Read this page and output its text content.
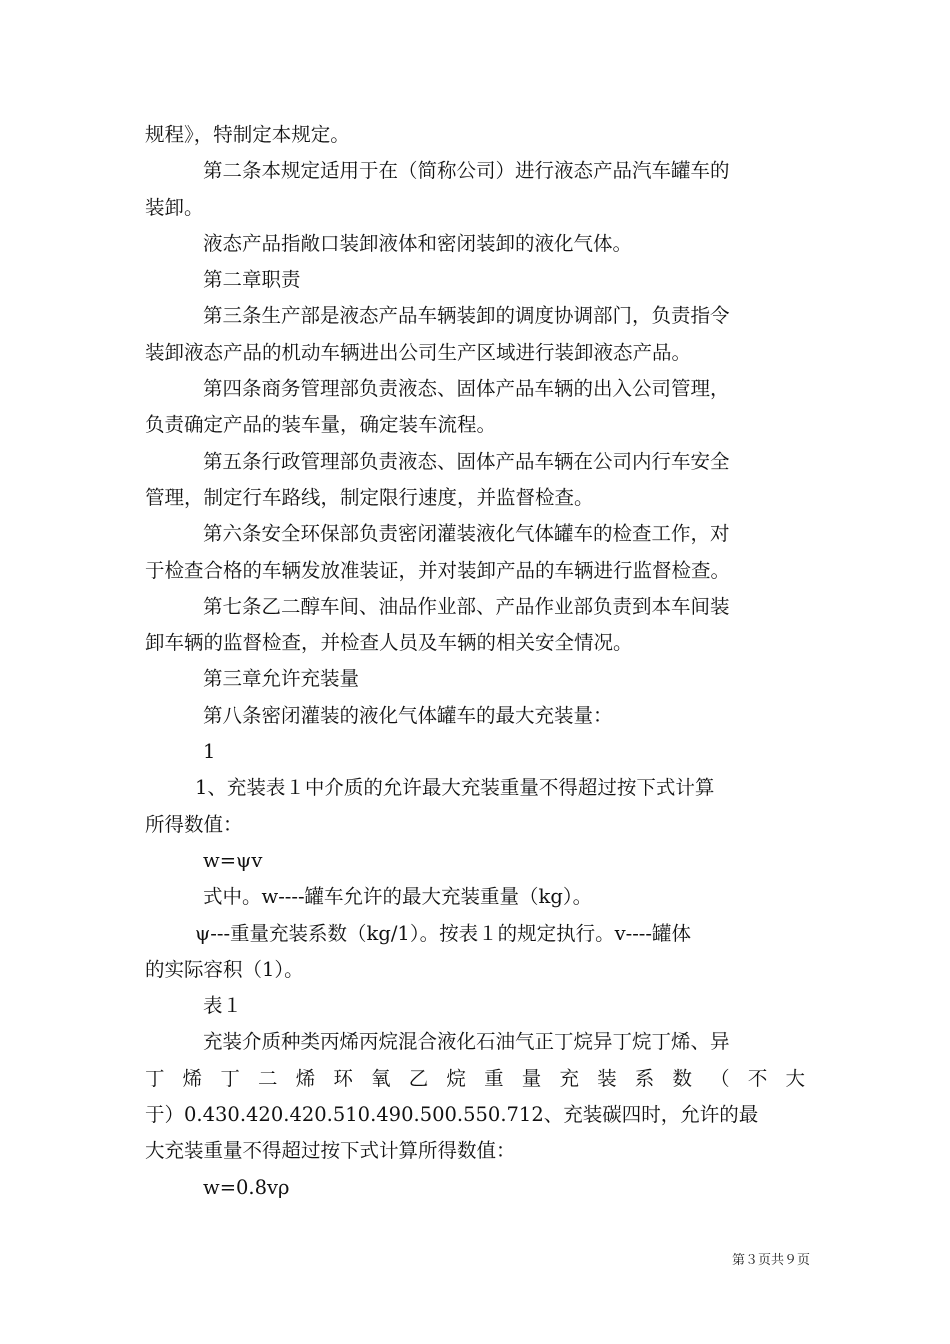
规程》，特制定本规定。
第二条本规定适用于在（简称公司）进行液态产品汽车罐车的
装卸。
液态产品指敞口装卸液体和密闭装卸的液化气体。
第二章职责
第三条生产部是液态产品车辆装卸的调度协调部门，负责指令
装卸液态产品的机动车辆进出公司生产区域进行装卸液态产品。
第四条商务管理部负责液态、固体产品车辆的出入公司管理，
负责确定产品的装车量，确定装车流程。
第五条行政管理部负责液态、固体产品车辆在公司内行车安全
管理，制定行车路线，制定限行速度，并监督检查。
第六条安全环保部负责密闭灌装液化气体罐车的检查工作，对
于检查合格的车辆发放准装证，并对装卸产品的车辆进行监督检查。
第七条乙二醇车间、油品作业部、产品作业部负责到本车间装
卸车辆的监督检查，并检查人员及车辆的相关安全情况。
第三章允许充装量
第八条密闭灌装的液化气体罐车的最大充装量：
1
1、充装表１中介质的允许最大充装重量不得超过按下式计算
所得数值：
w=ψv
式中。w----罐车允许的最大充装重量（kg）。
ψ---重量充装系数（kg/1）。按表１的规定执行。v----罐体
的实际容积（1）。
表１
充装介质种类丙烯丙烷混合液化石油气正丁烷异丁烷丁烯、异
丁 烯 丁 二 烯 环 氧 乙 烷 重 量 充 装 系 数 （ 不 大
于）0.430.420.420.510.490.500.550.712、充装碳四时，允许的最
大充装重量不得超过按下式计算所得数值：
w=0.8vρ
第３页共９页
